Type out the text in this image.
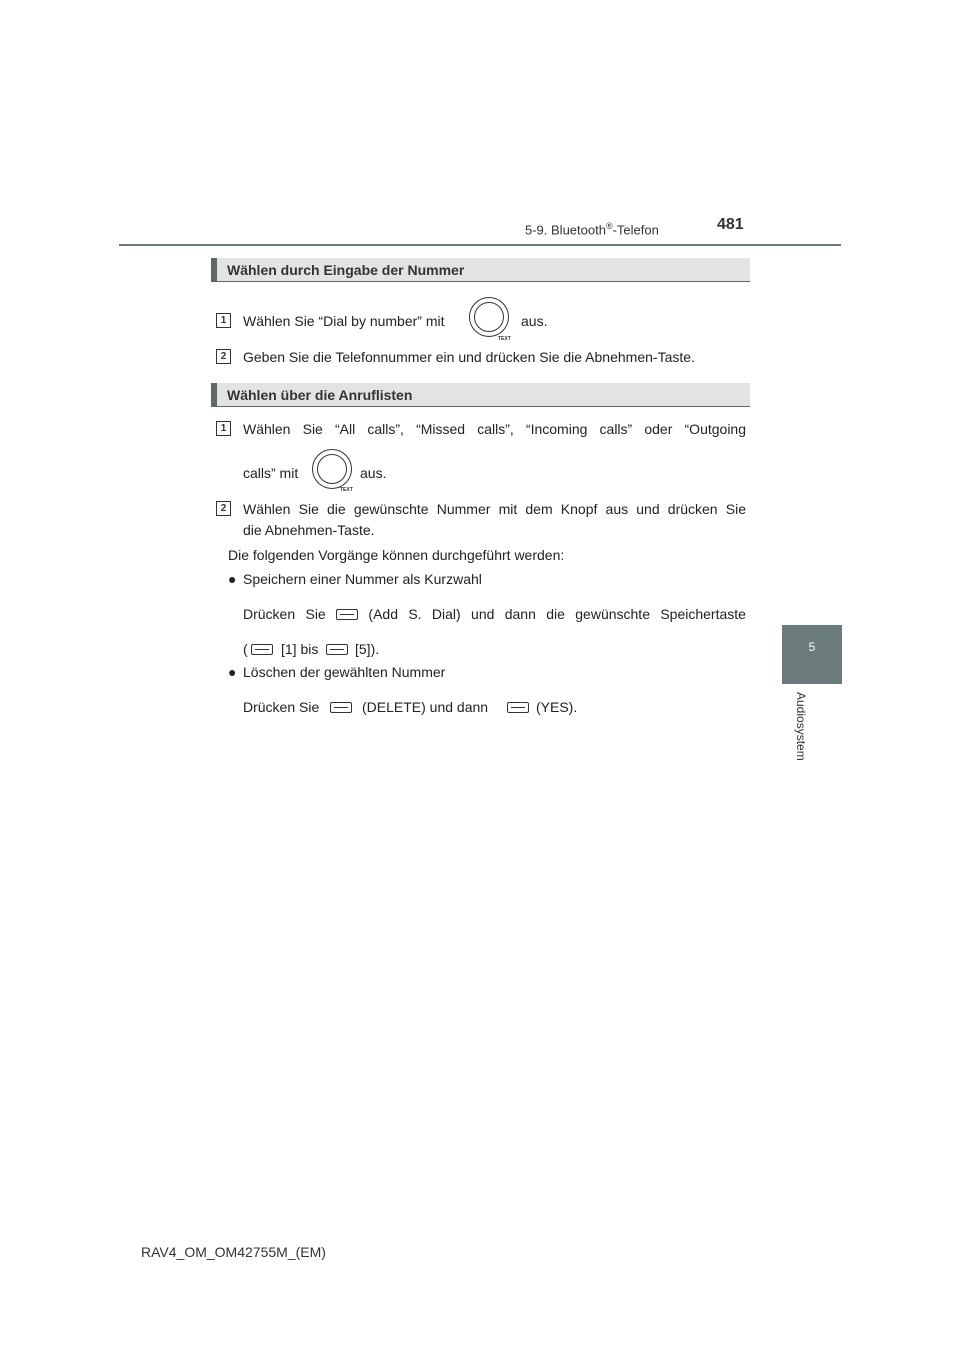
5-9. Bluetooth®-Telefon	481
5
Audiosystem
Wählen durch Eingabe der Nummer
1	Wählen Sie “Dial by number” mit
TEXT
aus.
2	Geben Sie die Telefonnummer ein und drücken Sie die Abnehmen-Taste.
Wählen über die Anruflisten
1	Wählen Sie “All calls”, “Missed calls”, “Incoming calls” oder “Outgoing
calls” mit
TEXT
aus.
2	Wählen Sie die gewünschte Nummer mit dem Knopf aus und drücken Sie
die Abnehmen-Taste.
Die folgenden Vorgänge können durchgeführt werden:
● Speichern einer Nummer als Kurzwahl
Drücken Sie	(Add S. Dial) und dann die gewünschte Speichertaste
( [1] bis	[5]).
● Löschen der gewählten Nummer
Drücken Sie	(DELETE) und dann	(YES).
RAV4_OM_OM42755M_(EM)
